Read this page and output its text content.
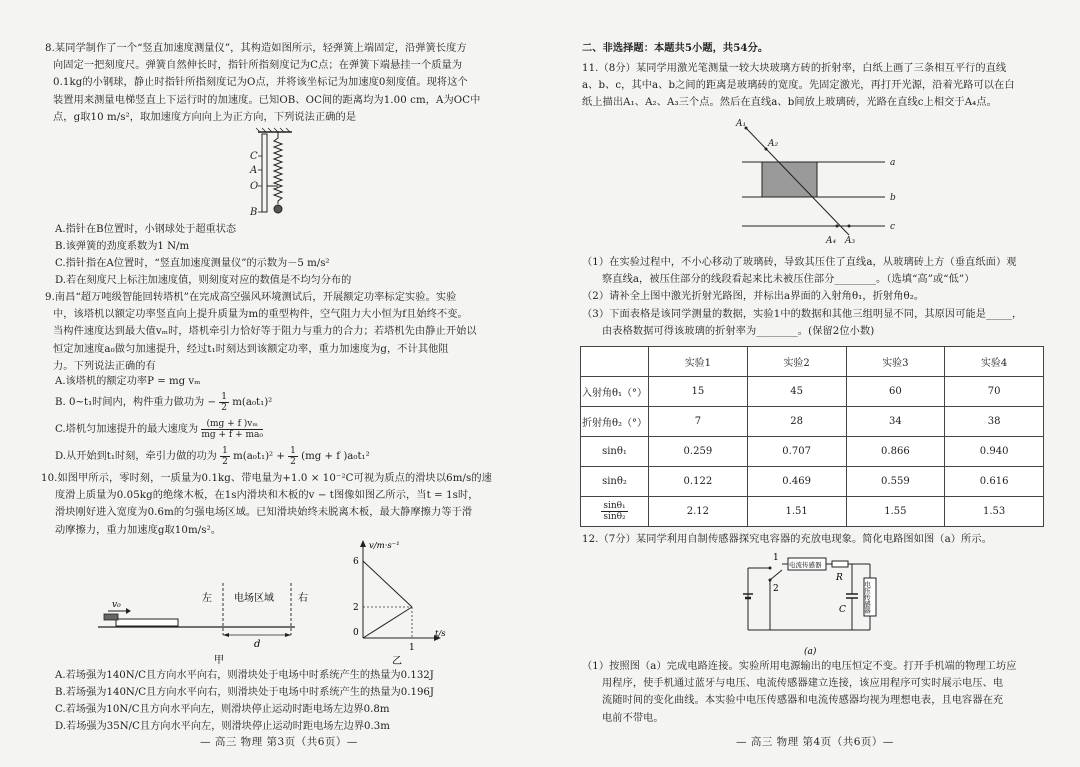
8.某同学制作了一个“竖直加速度测量仪”，其构造如图所示，轻弹簧上端固定，沿弹簧长度方
向固定一把刻度尺。弹簧自然伸长时，指针所指刻度记为C点；在弹簧下端悬挂一个质量为
0.1kg的小钢球，静止时指针所指刻度记为O点，并将该坐标记为加速度0刻度值。现将这个
装置用来测量电梯竖直上下运行时的加速度。已知OB、OC间的距离均为1.00 cm，A为OC中
点，g取10 m/s²，取加速度方向向上为正方向，下列说法正确的是
C
A
O
B
A.指针在B位置时，小钢球处于超重状态
B.该弹簧的劲度系数为1 N/m
C.指针指在A位置时，“竖直加速度测量仪”的示数为－5 m/s²
D.若在刻度尺上标注加速度值，则刻度对应的数值是不均匀分布的
9.南昌“超万吨级智能回转塔机”在完成高空强风环境测试后，开展额定功率标定实验。实验
中，该塔机以额定功率竖直向上提升质量为m的重型构件，空气阻力大小恒为f且始终不变。
当构件速度达到最大值vₘ时，塔机牵引力恰好等于阻力与重力的合力；若塔机先由静止开始以
恒定加速度a₀做匀加速提升，经过t₁时刻达到该额定功率，重力加速度为g，不计其他阻
力。下列说法正确的有
A.该塔机的额定功率P = mg vₘ
B. 0~t₁时间内，构件重力做功为 − $\frac{1}{2} m(a_0t_1)^2$
C.塔机匀加速提升的最大速度为 $\frac{\text{(mg + f )vₘ}}{\text{mg + f + ma₀}}$
D.从开始到t₁时刻，牵引力做的功为 $\frac{1}{2} m(a_0t_1)^2 + \frac{1}{2} (mg + f$ )a₀t₁²
10.如图甲所示，零时刻，一质量为0.1kg、带电量为+1.0 × 10⁻²C可视为质点的滑块以6m/s的速
度滑上质量为0.05kg的绝缘木板，在1s内滑块和木板的v − t图像如图乙所示，当t = 1s时，
滑块刚好进入宽度为0.6m的匀强电场区域。已知滑块始终未脱离木板，最大静摩擦力等于滑
动摩擦力，重力加速度g取10m/s²。
v₀
左 电场区域 右
d
甲
v/m·s⁻¹
t/s
0
6
2
1
乙
A.若场强为140N/C且方向水平向右，则滑块处于电场中时系统产生的热量为0.132J
B.若场强为140N/C且方向水平向右，则滑块处于电场中时系统产生的热量为0.196J
C.若场强为10N/C且方向水平向左，则滑块停止运动时距电场左边界0.8m
D.若场强为35N/C且方向水平向左，则滑块停止运动时距电场左边界0.3m
— 高三 物理 第3页（共6页）—
二、非选择题：本题共5小题，共54分。
11.（8分）某同学用激光笔测量一较大块玻璃方砖的折射率，白纸上画了三条相互平行的直线
a、b、c，其中a、b之间的距离是玻璃砖的宽度。先固定激光，再打开光源，沿着光路可以在白
纸上描出A₁、A₂、A₃三个点。然后在直线a、b间放上玻璃砖，光路在直线c上相交于A₄点。
A₁
A₂
A₄ A₃
a
b
c
（1）在实验过程中，不小心移动了玻璃砖，导致其压住了直线a，从玻璃砖上方（垂直纸面）观
察直线a，被压住部分的线段看起来比未被压住部分________。（选填“高”或“低”）
（2）请补全上图中激光折射光路图，并标出a界面的入射角θ₁，折射角θ₂。
（3）下面表格是该同学测量的数据，实验1中的数据和其他三组明显不同，其原因可能是_____，
由表格数据可得该玻璃的折射率为________。(保留2位小数)
	实验1	实验2	实验3	实验4
入射角θ₁（°）	15	45	60	70
折射角θ₂（°）	7	28	34	38
sinθ₁	0.259	0.707	0.866	0.940
sinθ₂	0.122	0.469	0.559	0.616

$\frac{\text{sinθ₁}}{\text{sinθ₂}}$	2.12	1.51	1.55	1.53
12.（7分）某同学利用自制传感器探究电容器的充放电现象。简化电路图如图（a）所示。
1
2
电流传感器
R
C	电压传感器
(a)
（1）按照图（a）完成电路连接。实验所用电源输出的电压恒定不变。打开手机端的物理工坊应
用程序，使手机通过蓝牙与电压、电流传感器建立连接，该应用程序可实时展示电压、电
流随时间的变化曲线。本实验中电压传感器和电流传感器均视为理想电表，且电容器在充
电前不带电。
— 高三 物理 第4页（共6页）—
